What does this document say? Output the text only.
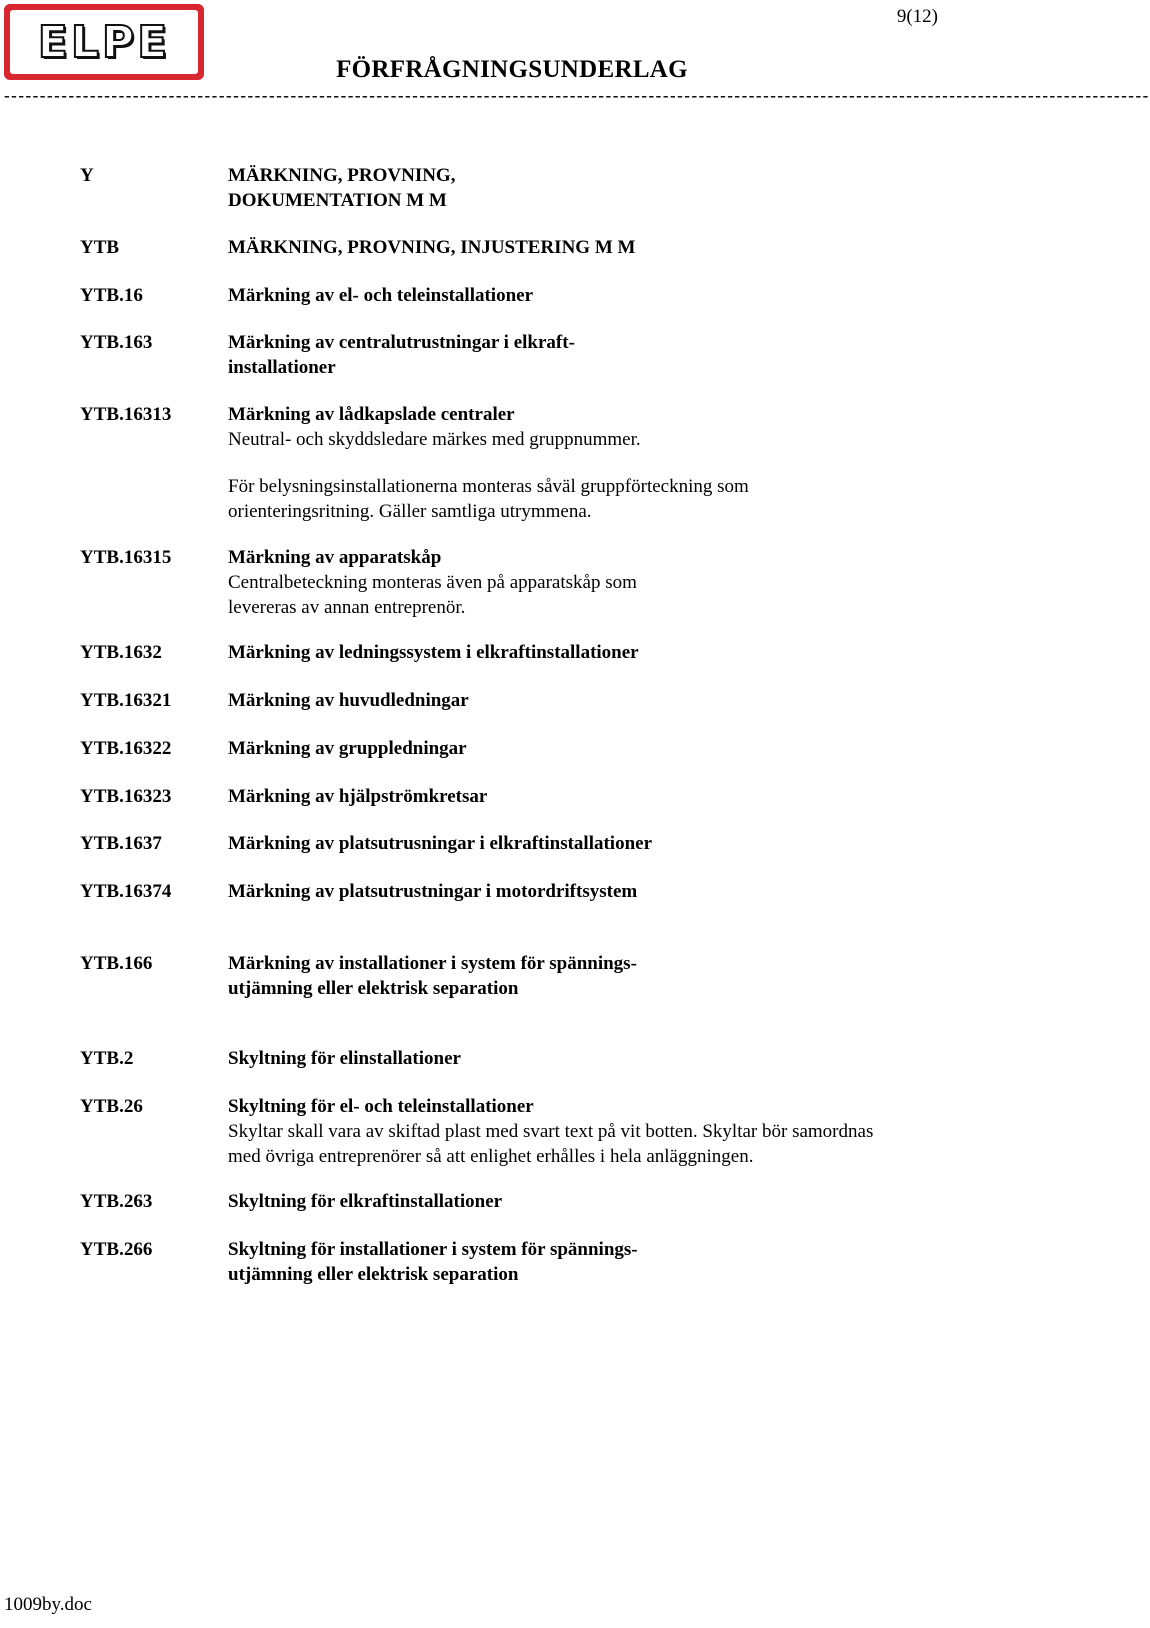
ELPE	9(12)
FÖRFRÅGNINGSUNDERLAG
----------------------------------------------------------------------------------------------------------------------------------------------------------------
Y	MÄRKNING, PROVNING,
DOKUMENTATION M M
YTB	MÄRKNING, PROVNING, INJUSTERING M M
YTB.16	Märkning av el- och teleinstallationer
YTB.163	Märkning av centralutrustningar i elkraft-
installationer
YTB.16313	Märkning av lådkapslade centraler
Neutral- och skyddsledare märkes med gruppnummer.
För belysningsinstallationerna monteras såväl gruppförteckning som
orienteringsritning. Gäller samtliga utrymmena.
YTB.16315	Märkning av apparatskåp
Centralbeteckning monteras även på apparatskåp som
levereras av annan entreprenör.
YTB.1632	Märkning av ledningssystem i elkraftinstallationer
YTB.16321	Märkning av huvudledningar
YTB.16322	Märkning av gruppledningar
YTB.16323	Märkning av hjälpströmkretsar
YTB.1637	Märkning av platsutrusningar i elkraftinstallationer
YTB.16374	Märkning av platsutrustningar i motordriftsystem
YTB.166	Märkning av installationer i system för spännings-
utjämning eller elektrisk separation
YTB.2	Skyltning för elinstallationer
YTB.26	Skyltning för el- och teleinstallationer
Skyltar skall vara av skiftad plast med svart text på vit botten. Skyltar bör samordnas
med övriga entreprenörer så att enlighet erhålles i hela anläggningen.
YTB.263	Skyltning för elkraftinstallationer
YTB.266	Skyltning för installationer i system för spännings-
utjämning eller elektrisk separation
1009by.doc
